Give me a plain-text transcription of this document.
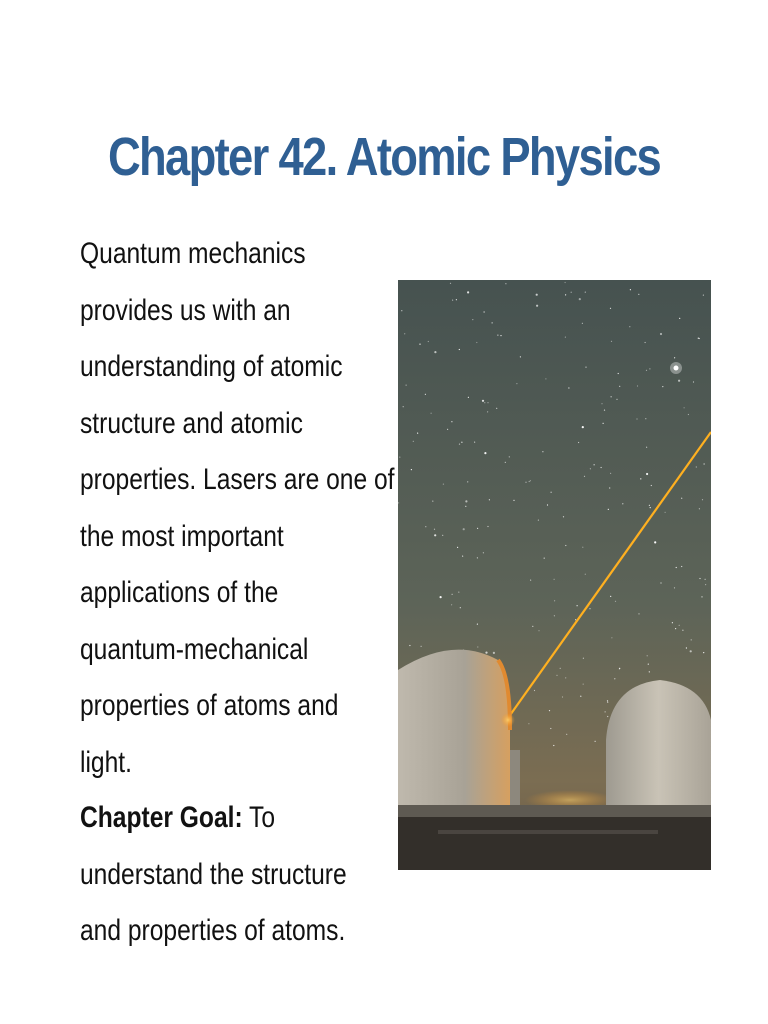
Chapter 42. Atomic Physics
Quantum mechanics
provides us with an
understanding of atomic
structure and atomic
properties. Lasers are one of
the most important
applications of the
quantum-mechanical
properties of atoms and
light.
Chapter Goal: To
understand the structure
and properties of atoms.
